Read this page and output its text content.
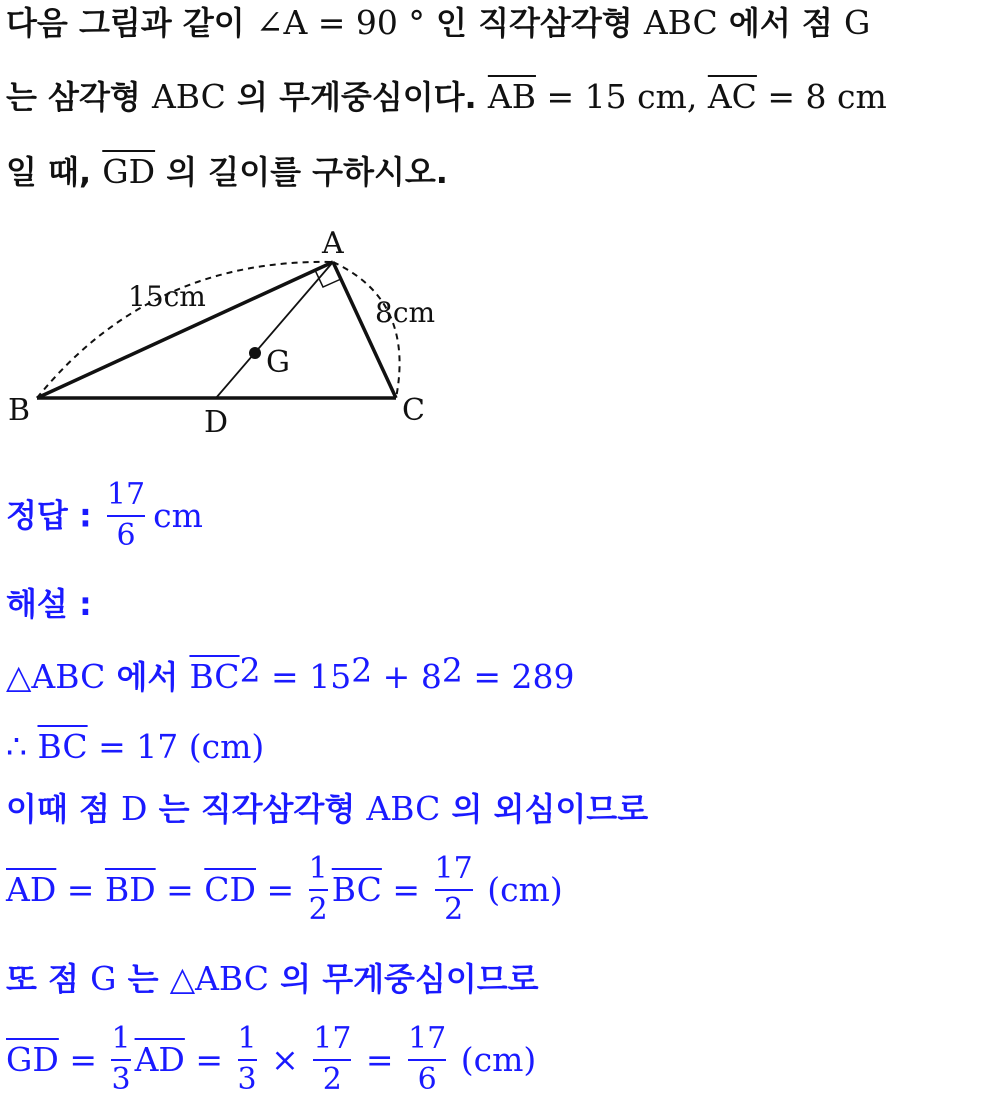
다음 그림과 같이 ∠A = 90 ° 인 직각삼각형 ABC 에서 점 G
는 삼각형 ABC 의 무게중심이다. $\overline{AB} = 15$ cm, $\overline{AC} = 8$ cm
일 때, $\overline{GD}$ 의 길이를 구하시오.
A
B	C
D
G
15cm	8cm
정답 : $\frac{17}{6}$ cm
해설 :
△ABC 에서 $\overline{BC}^2 = 15^2 + 8^2 = 289$
∴ $\overline{BC} = 17$ (cm)
이때 점 D 는 직각삼각형 ABC 의 외심이므로
$\overline{AD} = \overline{BD} = \overline{CD} = \frac{1}{2} \overline{BC} = \frac{17}{2} (cm)$
또 점 G 는 △ABC 의 무게중심이므로
$\overline{GD} = \frac{1}{3} \overline{AD} = \frac{1}{3} \times \frac{17}{2} = \frac{17}{6} (cm)$
